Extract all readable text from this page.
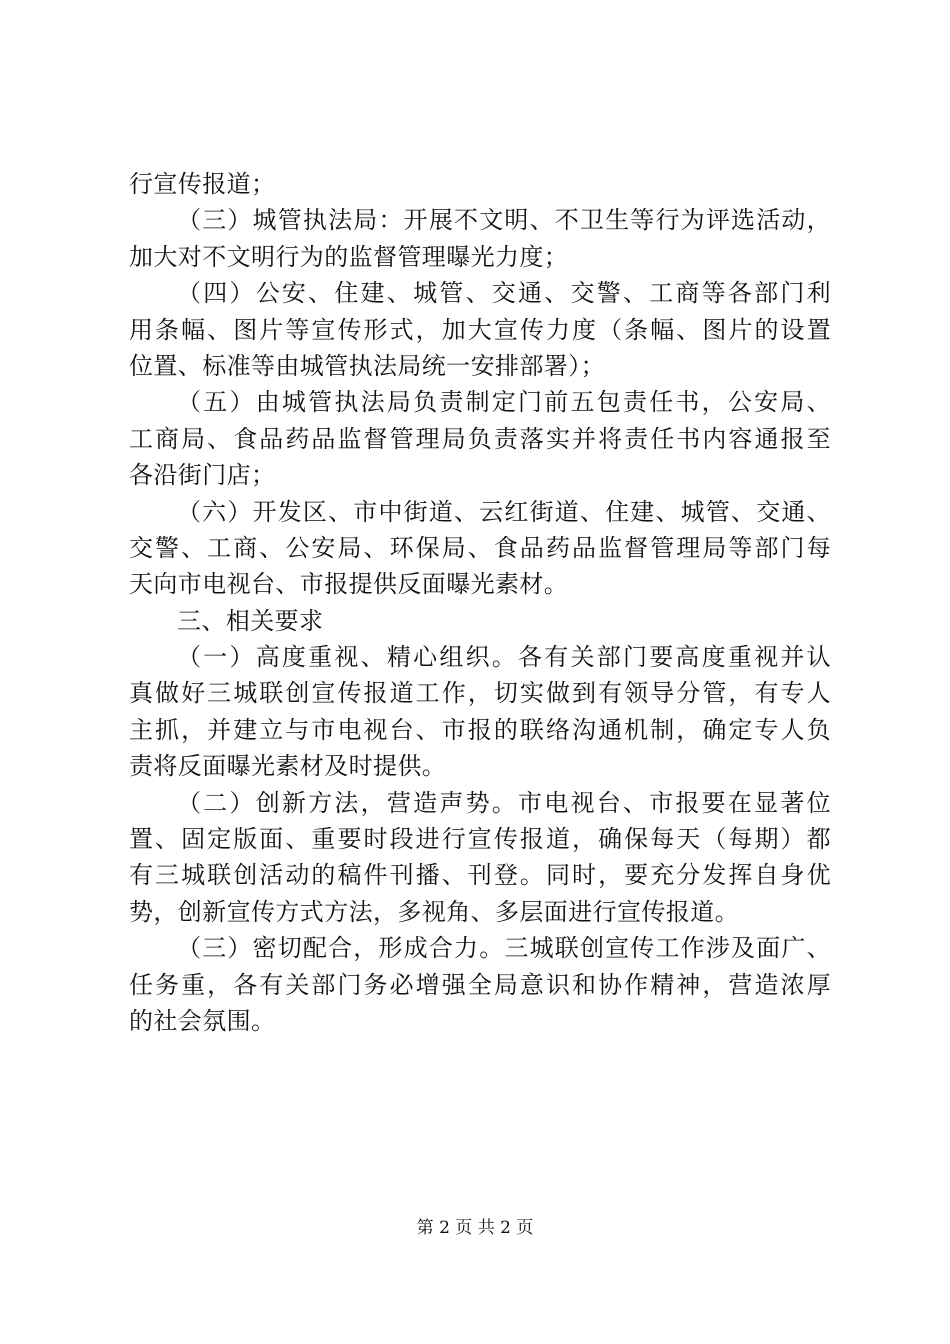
行宣传报道；
（三）城管执法局：开展不文明、不卫生等行为评选活动，
加大对不文明行为的监督管理曝光力度；
（四）公安、住建、城管、交通、交警、工商等各部门利
用条幅、图片等宣传形式，加大宣传力度（条幅、图片的设置
位置、标准等由城管执法局统一安排部署）；
（五）由城管执法局负责制定门前五包责任书，公安局、
工商局、食品药品监督管理局负责落实并将责任书内容通报至
各沿街门店；
（六）开发区、市中街道、云红街道、住建、城管、交通、
交警、工商、公安局、环保局、食品药品监督管理局等部门每
天向市电视台、市报提供反面曝光素材。
三、相关要求
（一）高度重视、精心组织。各有关部门要高度重视并认
真做好三城联创宣传报道工作，切实做到有领导分管，有专人
主抓，并建立与市电视台、市报的联络沟通机制，确定专人负
责将反面曝光素材及时提供。
（二）创新方法，营造声势。市电视台、市报要在显著位
置、固定版面、重要时段进行宣传报道，确保每天（每期）都
有三城联创活动的稿件刊播、刊登。同时，要充分发挥自身优
势，创新宣传方式方法，多视角、多层面进行宣传报道。
（三）密切配合，形成合力。三城联创宣传工作涉及面广、
任务重，各有关部门务必增强全局意识和协作精神，营造浓厚
的社会氛围。
第 2 页 共 2 页
